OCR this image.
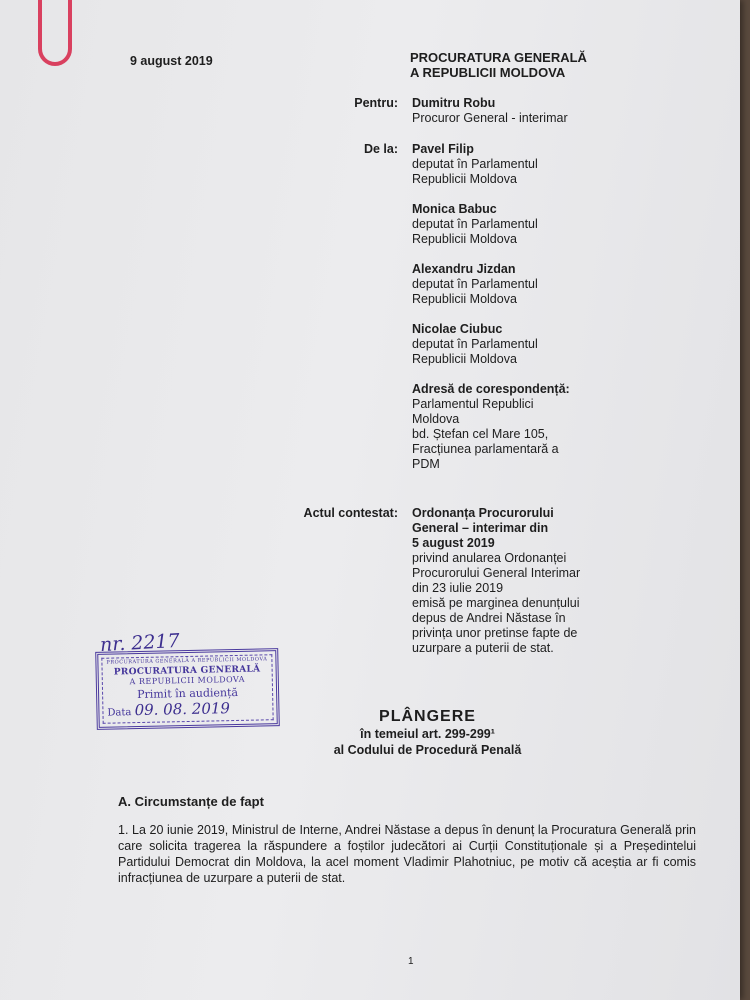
9 august 2019	PROCURATURA GENERALĂ
A REPUBLICII MOLDOVA
Pentru: Dumitru Robu
Procuror General - interimar
De la: Pavel Filip
deputat în Parlamentul
Republicii Moldova
Monica Babuc
deputat în Parlamentul
Republicii Moldova
Alexandru Jizdan
deputat în Parlamentul
Republicii Moldova
Nicolae Ciubuc
deputat în Parlamentul
Republicii Moldova
Adresă de corespondență:
Parlamentul Republici
Moldova
bd. Ștefan cel Mare 105,
Fracțiunea parlamentară a
PDM
Actul contestat: Ordonanța Procurorului
General – interimar din
5 august 2019
privind anularea Ordonanței
Procurorului General Interimar
din 23 iulie 2019
emisă pe marginea denunțului
depus de Andrei Năstase în
privința unor pretinse fapte de
uzurpare a puterii de stat.
nr. 2217
PROCURATURA GENERALĂ A REPUBLICII MOLDOVA
PROCURATURA GENERALĂ
A REPUBLICII MOLDOVA
Primit în audiență
Data 09. 08. 2019	PLÂNGERE
în temeiul art. 299-299¹
al Codului de Procedură Penală
A. Circumstanțe de fapt
1. La 20 iunie 2019, Ministrul de Interne, Andrei Năstase a depus în denunț la Procuratura Generală prin care solicita tragerea la răspundere a foștilor judecători ai Curții Constituționale și a Președintelui Partidului Democrat din Moldova, la acel moment Vladimir Plahotniuc, pe motiv că aceștia ar fi comis infracțiunea de uzurpare a puterii de stat.
1
